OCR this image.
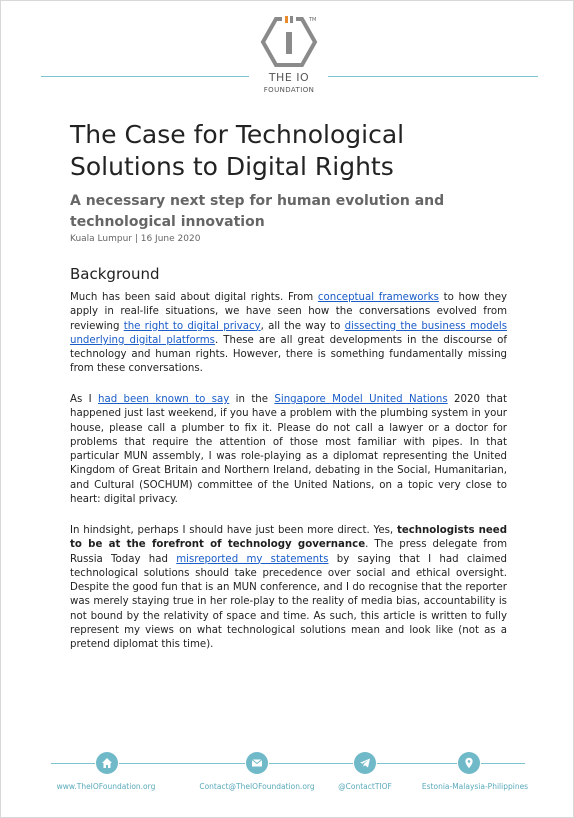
TM
THE IO
FOUNDATION
The Case for Technological
Solutions to Digital Rights
A necessary next step for human evolution and
technological innovation
Kuala Lumpur | 16 June 2020
Background

Much has been said about digital rights. From conceptual frameworks to how they apply in real-life situations, we have seen how the conversations evolved from reviewing the right to digital privacy, all the way to dissecting the business models underlying digital platforms. These are all great developments in the discourse of technology and human rights. However, there is something fundamentally missing from these conversations.

As I had been known to say in the Singapore Model United Nations 2020 that happened just last weekend, if you have a problem with the plumbing system in your house, please call a plumber to fix it. Please do not call a lawyer or a doctor for problems that require the attention of those most familiar with pipes. In that particular MUN assembly, I was role-playing as a diplomat representing the United Kingdom of Great Britain and Northern Ireland, debating in the Social, Humanitarian, and Cultural (SOCHUM) committee of the United Nations, on a topic very close to heart: digital privacy.

In hindsight, perhaps I should have just been more direct. Yes, technologists need to be at the forefront of technology governance. The press delegate from Russia Today had misreported my statements by saying that I had claimed technological solutions should take precedence over social and ethical oversight. Despite the good fun that is an MUN conference, and I do recognise that the reporter was merely staying true in her role-play to the reality of media bias, accountability is not bound by the relativity of space and time. As such, this article is written to fully represent my views on what technological solutions mean and look like (not as a pretend diplomat this time).

www.TheIOFoundation.org	Contact@TheIOFoundation.org	@ContactTIOF	Estonia-Malaysia-Philippines
